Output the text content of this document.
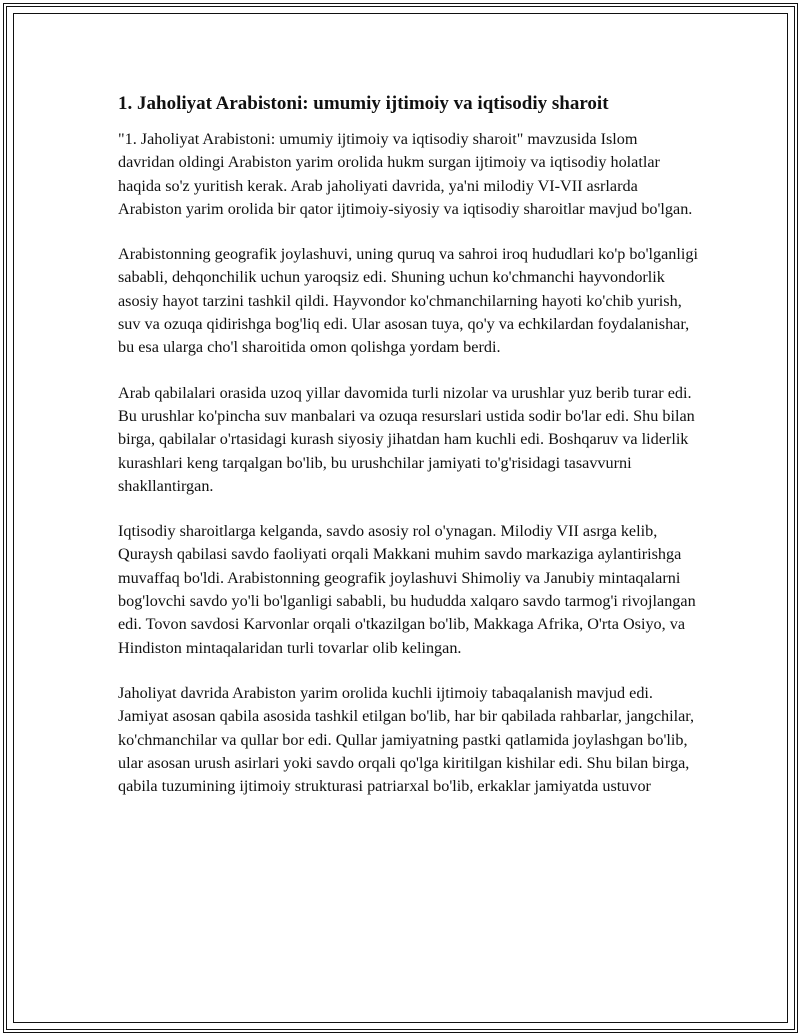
1. Jaholiyat Arabistoni: umumiy ijtimoiy va iqtisodiy sharoit

"1. Jaholiyat Arabistoni: umumiy ijtimoiy va iqtisodiy sharoit" mavzusida Islom davridan oldingi Arabiston yarim orolida hukm surgan ijtimoiy va iqtisodiy holatlar haqida so'z yuritish kerak. Arab jaholiyati davrida, ya'ni milodiy VI-VII asrlarda Arabiston yarim orolida bir qator ijtimoiy-siyosiy va iqtisodiy sharoitlar mavjud bo'lgan.

Arabistonning geografik joylashuvi, uning quruq va sahroi iroq hududlari ko'p bo'lganligi sababli, dehqonchilik uchun yaroqsiz edi. Shuning uchun ko'chmanchi hayvondorlik asosiy hayot tarzini tashkil qildi. Hayvondor ko'chmanchilarning hayoti ko'chib yurish, suv va ozuqa qidirishga bog'liq edi. Ular asosan tuya, qo'y va echkilardan foydalanishar, bu esa ularga cho'l sharoitida omon qolishga yordam berdi.

Arab qabilalari orasida uzoq yillar davomida turli nizolar va urushlar yuz berib turar edi. Bu urushlar ko'pincha suv manbalari va ozuqa resurslari ustida sodir bo'lar edi. Shu bilan birga, qabilalar o'rtasidagi kurash siyosiy jihatdan ham kuchli edi. Boshqaruv va liderlik kurashlari keng tarqalgan bo'lib, bu urushchilar jamiyati to'g'risidagi tasavvurni shakllantirgan.

Iqtisodiy sharoitlarga kelganda, savdo asosiy rol o'ynagan. Milodiy VII asrga kelib, Quraysh qabilasi savdo faoliyati orqali Makkani muhim savdo markaziga aylantirishga muvaffaq bo'ldi. Arabistonning geografik joylashuvi Shimoliy va Janubiy mintaqalarni bog'lovchi savdo yo'li bo'lganligi sababli, bu hududda xalqaro savdo tarmog'i rivojlangan edi. Tovon savdosi Karvonlar orqali o'tkazilgan bo'lib, Makkaga Afrika, O'rta Osiyo, va Hindiston mintaqalaridan turli tovarlar olib kelingan.

Jaholiyat davrida Arabiston yarim orolida kuchli ijtimoiy tabaqalanish mavjud edi. Jamiyat asosan qabila asosida tashkil etilgan bo'lib, har bir qabilada rahbarlar, jangchilar, ko'chmanchilar va qullar bor edi. Qullar jamiyatning pastki qatlamida joylashgan bo'lib, ular asosan urush asirlari yoki savdo orqali qo'lga kiritilgan kishilar edi. Shu bilan birga, qabila tuzumining ijtimoiy strukturasi patriarxal bo'lib, erkaklar jamiyatda ustuvor
